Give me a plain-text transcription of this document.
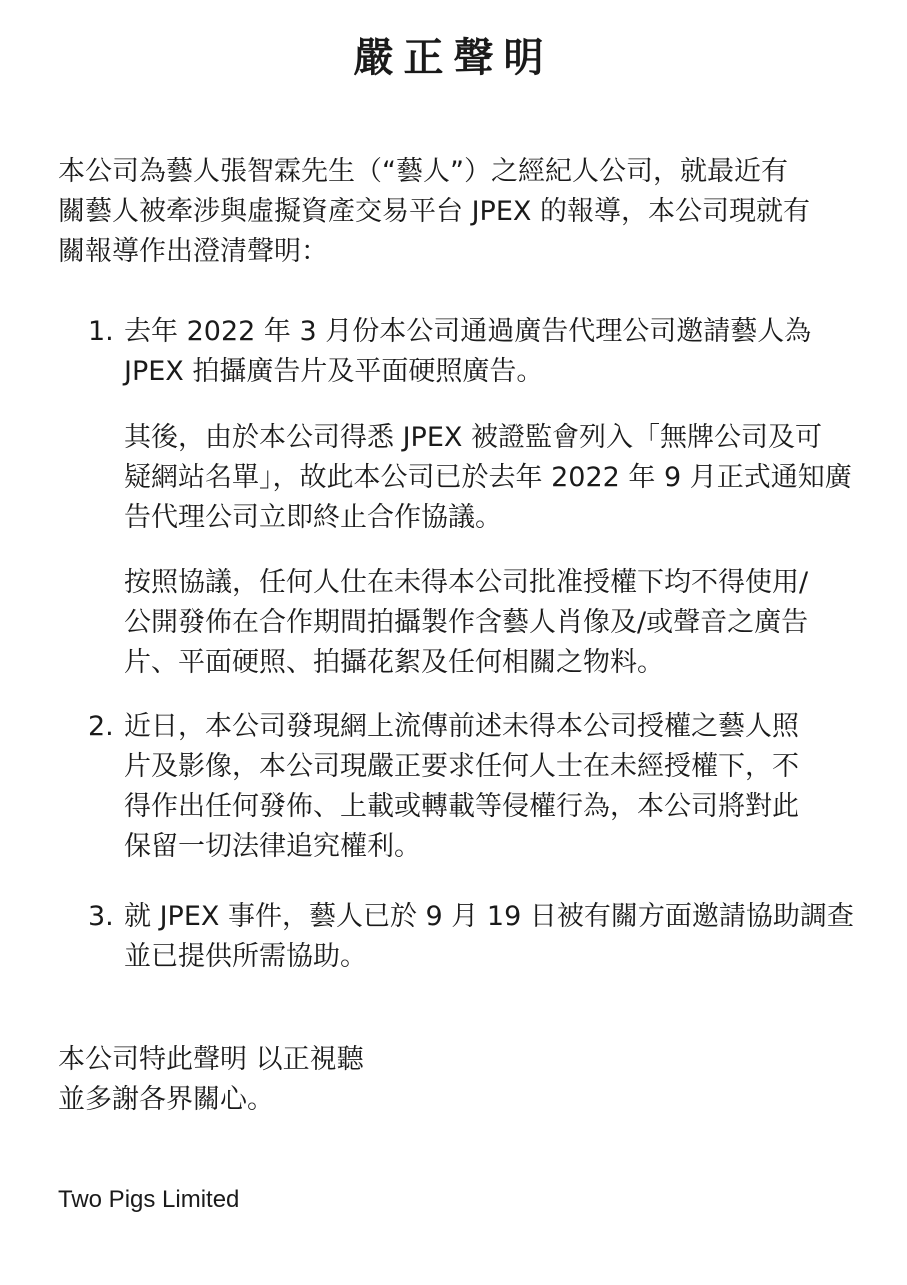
嚴正聲明
本公司為藝人張智霖先生（“藝人”）之經紀人公司，就最近有
關藝人被牽涉與虛擬資產交易平台 JPEX 的報導，本公司現就有
關報導作出澄清聲明：
1. 去年 2022 年 3 月份本公司通過廣告代理公司邀請藝人為
JPEX 拍攝廣告片及平面硬照廣告。
其後，由於本公司得悉 JPEX 被證監會列入「無牌公司及可
疑網站名單」，故此本公司已於去年 2022 年 9 月正式通知廣
告代理公司立即終止合作協議。
按照協議，任何人仕在未得本公司批准授權下均不得使用/
公開發佈在合作期間拍攝製作含藝人肖像及/或聲音之廣告
片、平面硬照、拍攝花絮及任何相關之物料。
2. 近日，本公司發現網上流傳前述未得本公司授權之藝人照
片及影像，本公司現嚴正要求任何人士在未經授權下，不
得作出任何發佈、上載或轉載等侵權行為，本公司將對此
保留一切法律追究權利。
3. 就 JPEX 事件，藝人已於 9 月 19 日被有關方面邀請協助調查
並已提供所需協助。
本公司特此聲明 以正視聽
並多謝各界關心。
Two Pigs Limited
